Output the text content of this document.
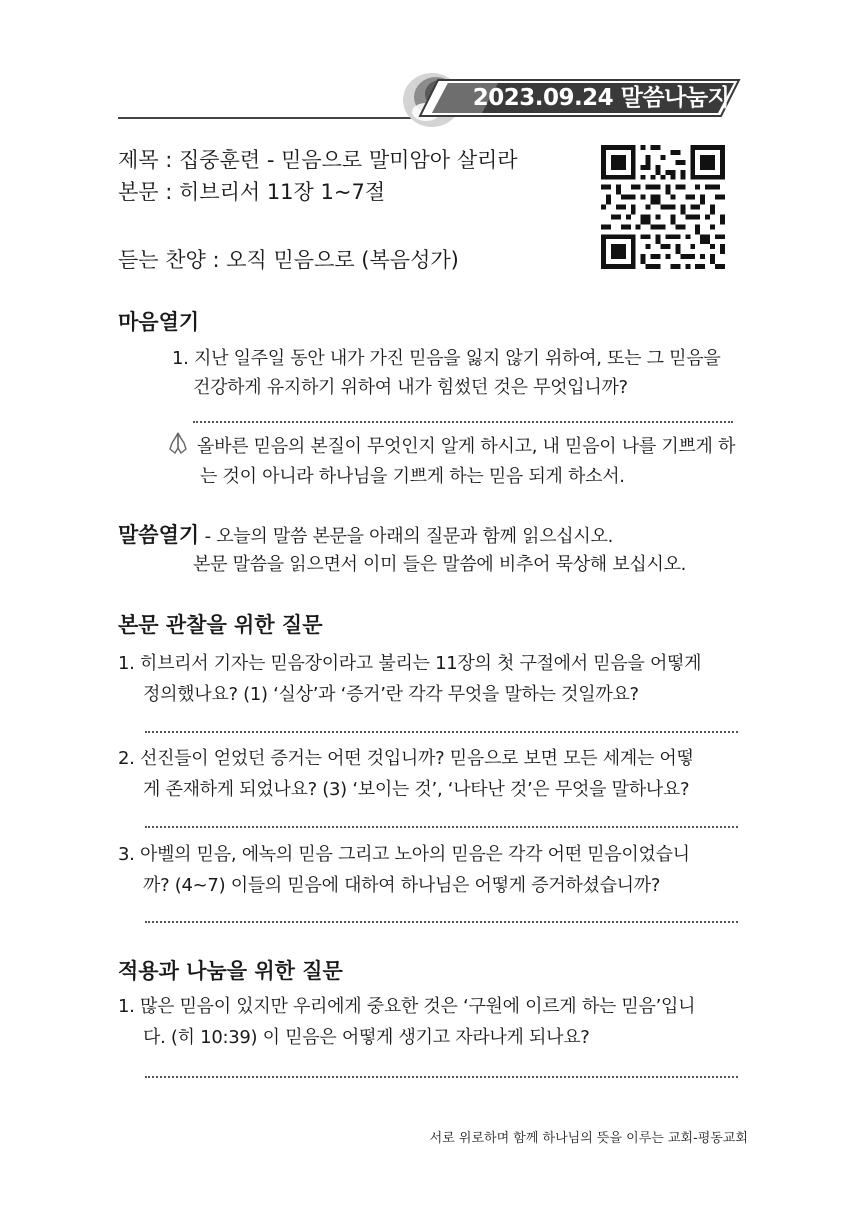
2023.09.24 말씀나눔지
제목 : 집중훈련 - 믿음으로 말미암아 살리라
본문 : 히브리서 11장 1~7절
듣는 찬양 : 오직 믿음으로 (복음성가)
마음열기
1. 지난 일주일 동안 내가 가진 믿음을 잃지 않기 위하여, 또는 그 믿음을
건강하게 유지하기 위하여 내가 힘썼던 것은 무엇입니까?
올바른 믿음의 본질이 무엇인지 알게 하시고, 내 믿음이 나를 기쁘게 하
는 것이 아니라 하나님을 기쁘게 하는 믿음 되게 하소서.
말씀열기 - 오늘의 말씀 본문을 아래의 질문과 함께 읽으십시오.
본문 말씀을 읽으면서 이미 들은 말씀에 비추어 묵상해 보십시오.
본문 관찰을 위한 질문
1. 히브리서 기자는 믿음장이라고 불리는 11장의 첫 구절에서 믿음을 어떻게
정의했나요? (1) ‘실상’과 ‘증거’란 각각 무엇을 말하는 것일까요?
2. 선진들이 얻었던 증거는 어떤 것입니까? 믿음으로 보면 모든 세계는 어떻
게 존재하게 되었나요? (3) ‘보이는 것’, ‘나타난 것’은 무엇을 말하나요?
3. 아벨의 믿음, 에녹의 믿음 그리고 노아의 믿음은 각각 어떤 믿음이었습니
까? (4~7) 이들의 믿음에 대하여 하나님은 어떻게 증거하셨습니까?
적용과 나눔을 위한 질문
1. 많은 믿음이 있지만 우리에게 중요한 것은 ‘구원에 이르게 하는 믿음’입니
다. (히 10:39) 이 믿음은 어떻게 생기고 자라나게 되나요?
서로 위로하며 함께 하나님의 뜻을 이루는 교회-평동교회
